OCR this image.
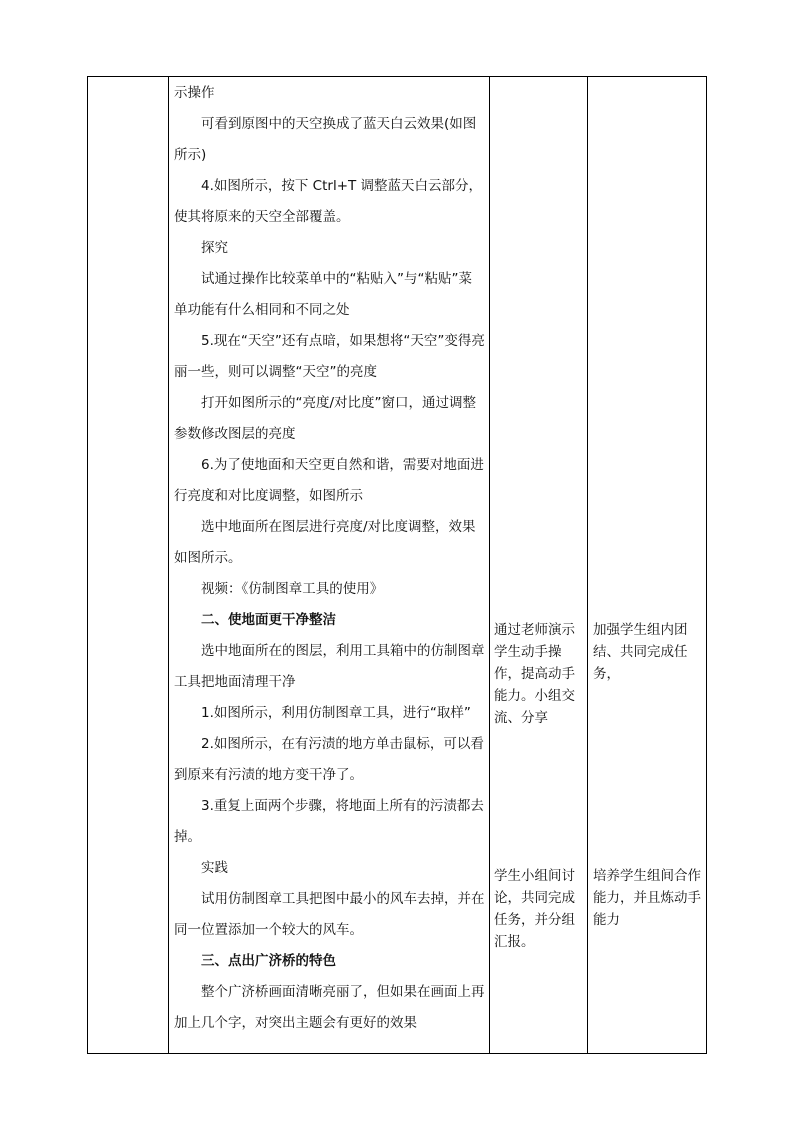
示操作

可看到原图中的天空换成了蓝天白云效果(如图所示)

4.如图所示，按下 Ctrl+T 调整蓝天白云部分，使其将原来的天空全部覆盖。

探究

试通过操作比较菜单中的“粘贴入”与“粘贴”菜单功能有什么相同和不同之处

5.现在“天空”还有点暗，如果想将“天空”变得亮丽一些，则可以调整“天空”的亮度

打开如图所示的“亮度/对比度”窗口，通过调整参数修改图层的亮度

6.为了使地面和天空更自然和谐，需要对地面进行亮度和对比度调整，如图所示

选中地面所在图层进行亮度/对比度调整，效果如图所示。

视频：《仿制图章工具的使用》

二、使地面更干净整洁

选中地面所在的图层，利用工具箱中的仿制图章工具把地面清理干净

1.如图所示，利用仿制图章工具，进行“取样”

2.如图所示，在有污渍的地方单击鼠标，可以看到原来有污渍的地方变干净了。

3.重复上面两个步骤，将地面上所有的污渍都去掉。

实践

试用仿制图章工具把图中最小的风车去掉，并在同一位置添加一个较大的风车。

三、点出广济桥的特色

整个广济桥画面清晰亮丽了，但如果在画面上再加上几个字，对突出主题会有更好的效果

通过老师演示学生动手操作，提高动手能力。小组交流、分享
加强学生组内团结、共同完成任务，
学生小组间讨论，共同完成任务，并分组汇报。
培养学生组间合作能力，并且炼动手能力
